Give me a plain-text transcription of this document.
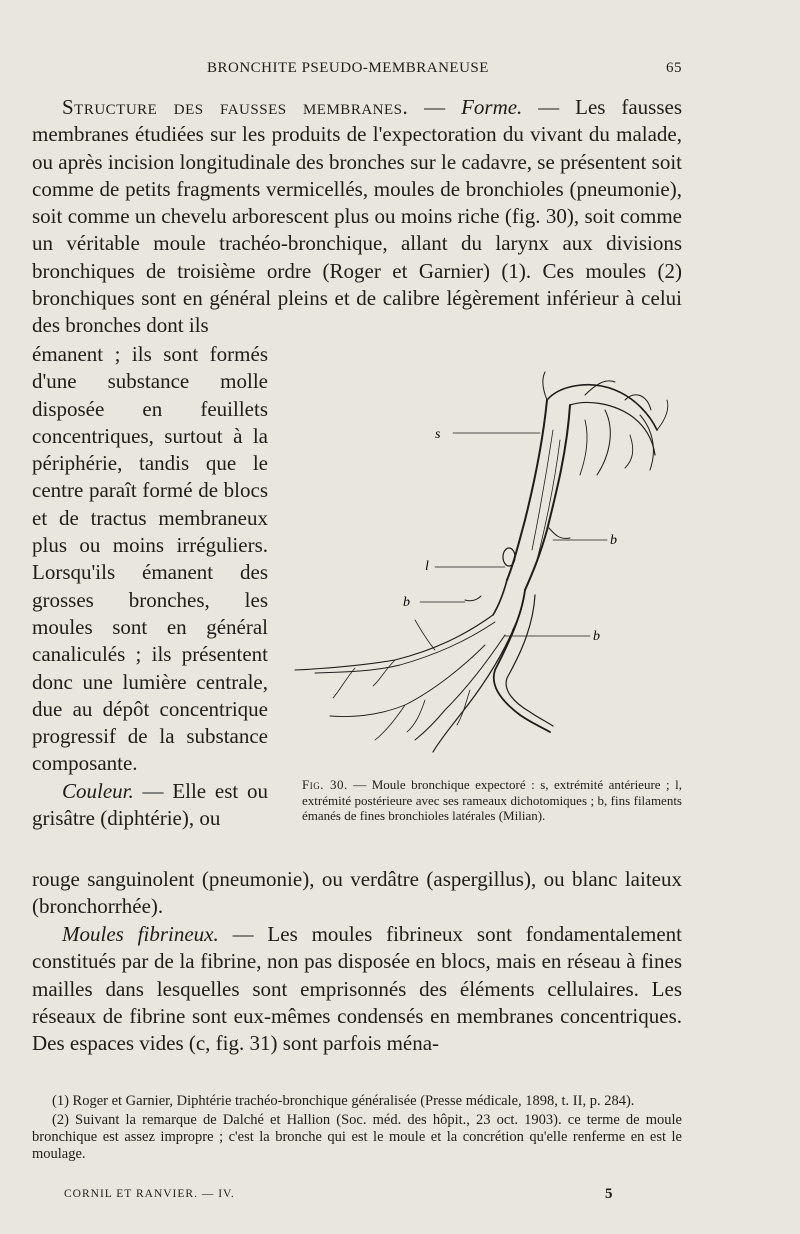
BRONCHITE PSEUDO-MEMBRANEUSE	65

Structure des fausses membranes. — Forme. — Les fausses membranes étudiées sur les produits de l'expectoration du vivant du malade, ou après incision longitudinale des bronches sur le cadavre, se présentent soit comme de petits fragments vermicellés, moules de bronchioles (pneumonie), soit comme un chevelu arborescent plus ou moins riche (fig. 30), soit comme un véritable moule trachéo-bronchique, allant du larynx aux divisions bronchiques de troisième ordre (Roger et Garnier) (1). Ces moules (2) bronchiques sont en général pleins et de calibre légèrement inférieur à celui des bronches dont ils

émanent ; ils sont formés d'une substance molle disposée en feuillets concentriques, surtout à la périphérie, tandis que le centre paraît formé de blocs et de tractus membraneux plus ou moins irréguliers. Lorsqu'ils émanent des grosses bronches, les moules sont en général canaliculés ; ils présentent donc une lumière centrale, due au dépôt concentrique progressif de la substance composante.
Couleur. — Elle est ou grisâtre (diphtérie), ou
s
b
l
b
b

Fig. 30. — Moule bronchique expectoré : s, extrémité antérieure ; l, extrémité postérieure avec ses rameaux dichotomiques ; b, fins filaments émanés de fines bronchioles latérales (Milian).

rouge sanguinolent (pneumonie), ou verdâtre (aspergillus), ou blanc laiteux (bronchorrhée).

Moules fibrineux. — Les moules fibrineux sont fondamentalement constitués par de la fibrine, non pas disposée en blocs, mais en réseau à fines mailles dans lesquelles sont emprisonnés des éléments cellulaires. Les réseaux de fibrine sont eux-mêmes condensés en membranes concentriques. Des espaces vides (c, fig. 31) sont parfois ména-

(1) Roger et Garnier, Diphtérie trachéo-bronchique généralisée (Presse médicale, 1898, t. II, p. 284).

(2) Suivant la remarque de Dalché et Hallion (Soc. méd. des hôpit., 23 oct. 1903). ce terme de moule bronchique est assez impropre ; c'est la bronche qui est le moule et la concrétion qu'elle renferme en est le moulage.

CORNIL ET RANVIER. — IV.	5
